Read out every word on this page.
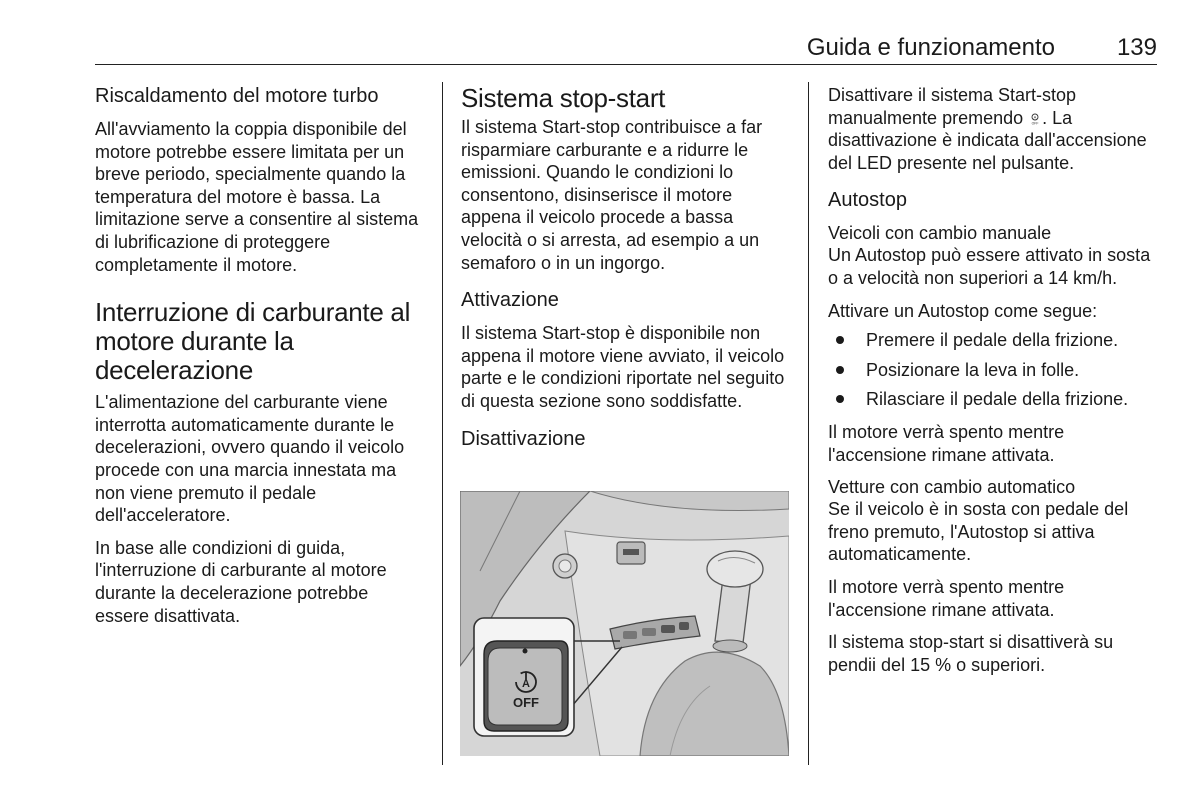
Guida e funzionamento	139

Riscaldamento del motore turbo

All'avviamento la coppia disponibile del motore potrebbe essere limitata per un breve periodo, specialmente quando la temperatura del motore è bassa. La limitazione serve a consentire al sistema di lubrificazione di proteggere completamente il motore.

Interruzione di carburante al motore durante la decelerazione

L'alimentazione del carburante viene interrotta automaticamente durante le decelerazioni, ovvero quando il veicolo procede con una marcia innestata ma non viene premuto il pedale dell'acceleratore.

In base alle condizioni di guida, l'interruzione di carburante al motore durante la decelerazione potrebbe essere disattivata.

Sistema stop-start

Il sistema Start-stop contribuisce a far risparmiare carburante e a ridurre le emissioni. Quando le condizioni lo consentono, disinserisce il motore appena il veicolo procede a bassa velocità o si arresta, ad esempio a un semaforo o in un ingorgo.

Attivazione

Il sistema Start-stop è disponibile non appena il motore viene avviato, il veicolo parte e le condizioni riportate nel seguito di questa sezione sono soddisfatte.

Disattivazione

A
OFF

Disattivare il sistema Start-stop manualmente premendo	A
OFF . La disattivazione è indicata dall'accensione del LED presente nel pulsante.

Autostop

Veicoli con cambio manuale

Un Autostop può essere attivato in sosta o a velocità non superiori a 14 km/h.

Attivare un Autostop come segue:

Premere il pedale della frizione.
Posizionare la leva in folle.
Rilasciare il pedale della frizione.

Il motore verrà spento mentre l'accensione rimane attivata.

Vetture con cambio automatico

Se il veicolo è in sosta con pedale del freno premuto, l'Autostop si attiva automaticamente.

Il motore verrà spento mentre l'accensione rimane attivata.

Il sistema stop-start si disattiverà su pendii del 15 % o superiori.
